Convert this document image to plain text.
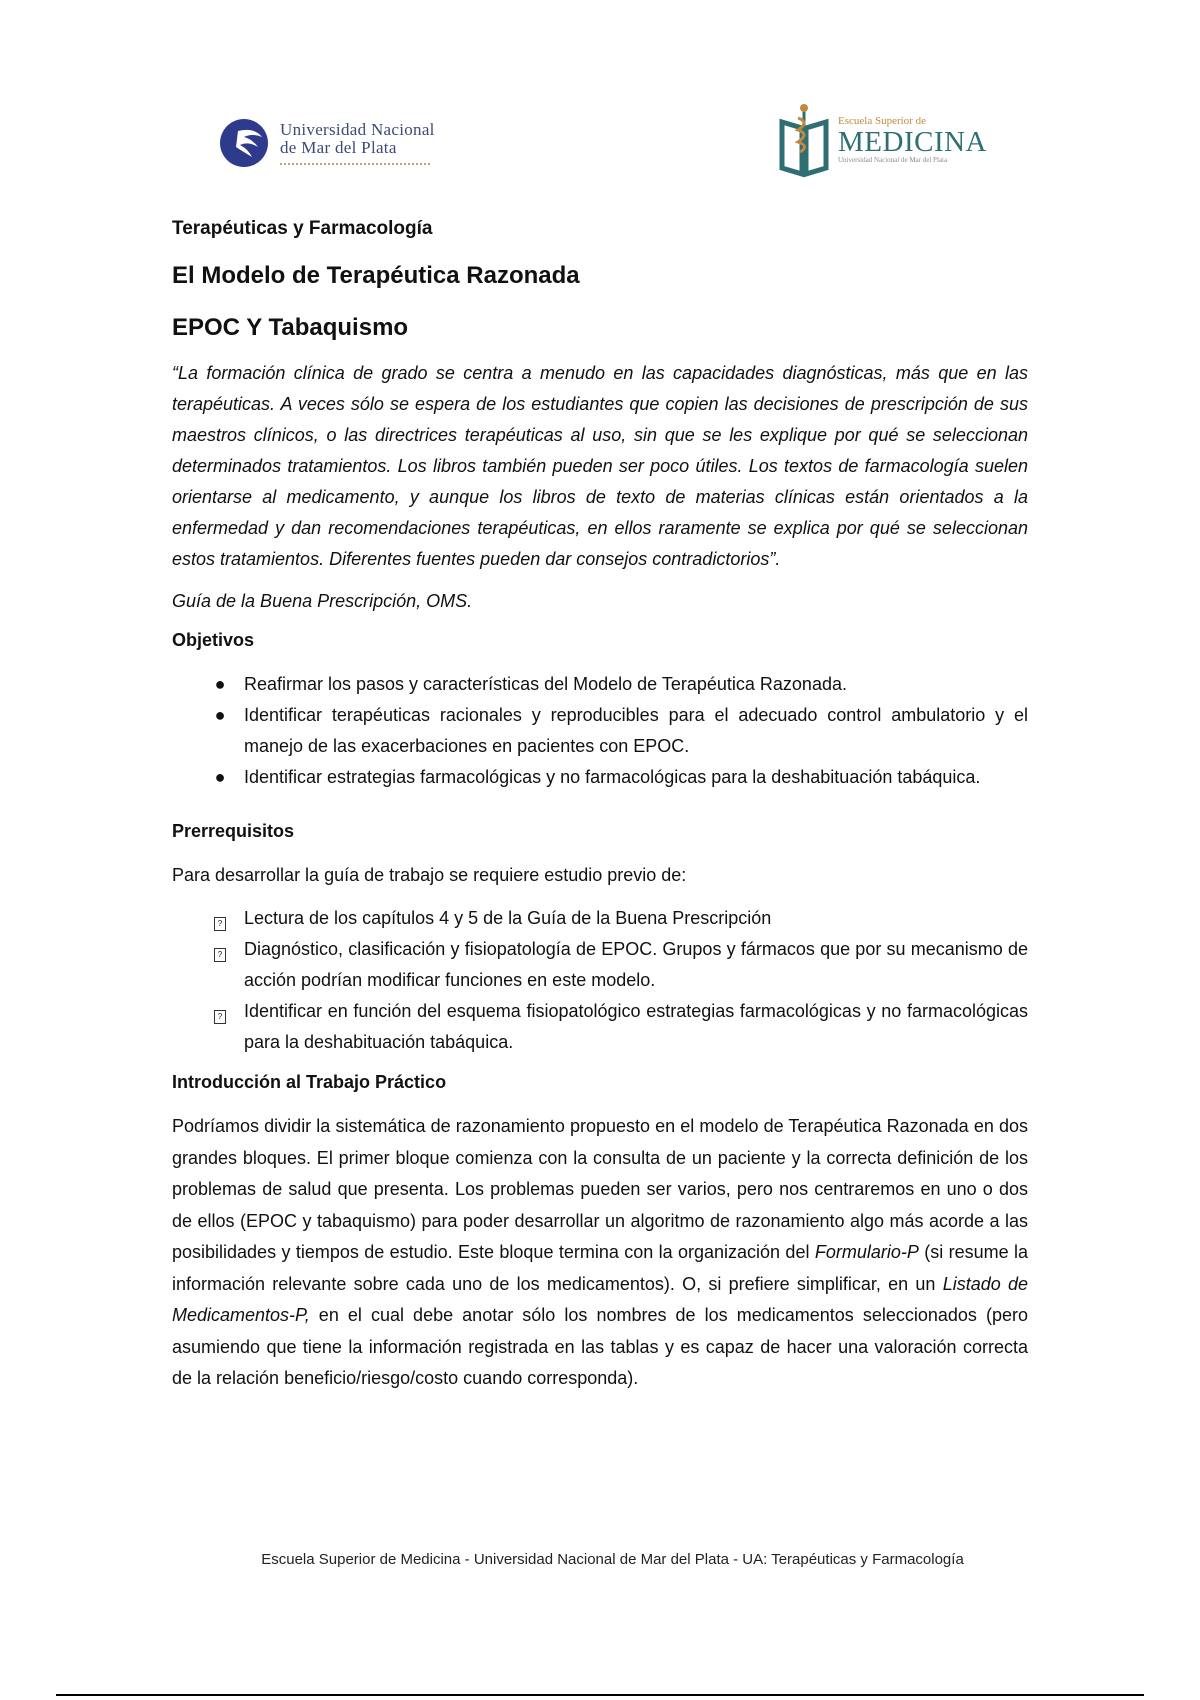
Universidad Nacional
de Mar del Plata
Escuela Superior de
MEDICINA
Universidad Nacional de Mar del Plata
Terapéuticas y Farmacología
El Modelo de Terapéutica Razonada
EPOC Y Tabaquismo

“La formación clínica de grado se centra a menudo en las capacidades diagnósticas, más que en las terapéuticas. A veces sólo se espera de los estudiantes que copien las decisiones de prescripción de sus maestros clínicos, o las directrices terapéuticas al uso, sin que se les explique por qué se seleccionan determinados tratamientos. Los libros también pueden ser poco útiles. Los textos de farmacología suelen orientarse al medicamento, y aunque los libros de texto de materias clínicas están orientados a la enfermedad y dan recomendaciones terapéuticas, en ellos raramente se explica por qué se seleccionan estos tratamientos. Diferentes fuentes pueden dar consejos contradictorios”.

Guía de la Buena Prescripción, OMS.

Objetivos
● Reafirmar los pasos y características del Modelo de Terapéutica Razonada.
● Identificar terapéuticas racionales y reproducibles para el adecuado control ambulatorio y el manejo de las exacerbaciones en pacientes con EPOC.
● Identificar estrategias farmacológicas y no farmacológicas para la deshabituación tabáquica.
Prerrequisitos

Para desarrollar la guía de trabajo se requiere estudio previo de:

?	Lectura de los capítulos 4 y 5 de la Guía de la Buena Prescripción
?	Diagnóstico, clasificación y fisiopatología de EPOC. Grupos y fármacos que por su mecanismo de acción podrían modificar funciones en este modelo.
?	Identificar en función del esquema fisiopatológico estrategias farmacológicas y no farmacológicas para la deshabituación tabáquica.
Introducción al Trabajo Práctico

Podríamos dividir la sistemática de razonamiento propuesto en el modelo de Terapéutica Razonada en dos grandes bloques. El primer bloque comienza con la consulta de un paciente y la correcta definición de los problemas de salud que presenta. Los problemas pueden ser varios, pero nos centraremos en uno o dos de ellos (EPOC y tabaquismo) para poder desarrollar un algoritmo de razonamiento algo más acorde a las posibilidades y tiempos de estudio. Este bloque termina con la organización del Formulario-P (si resume la información relevante sobre cada uno de los medicamentos). O, si prefiere simplificar, en un Listado de Medicamentos-P, en el cual debe anotar sólo los nombres de los medicamentos seleccionados (pero asumiendo que tiene la información registrada en las tablas y es capaz de hacer una valoración correcta de la relación beneficio/riesgo/costo cuando corresponda).

Escuela Superior de Medicina - Universidad Nacional de Mar del Plata - UA: Terapéuticas y Farmacología
